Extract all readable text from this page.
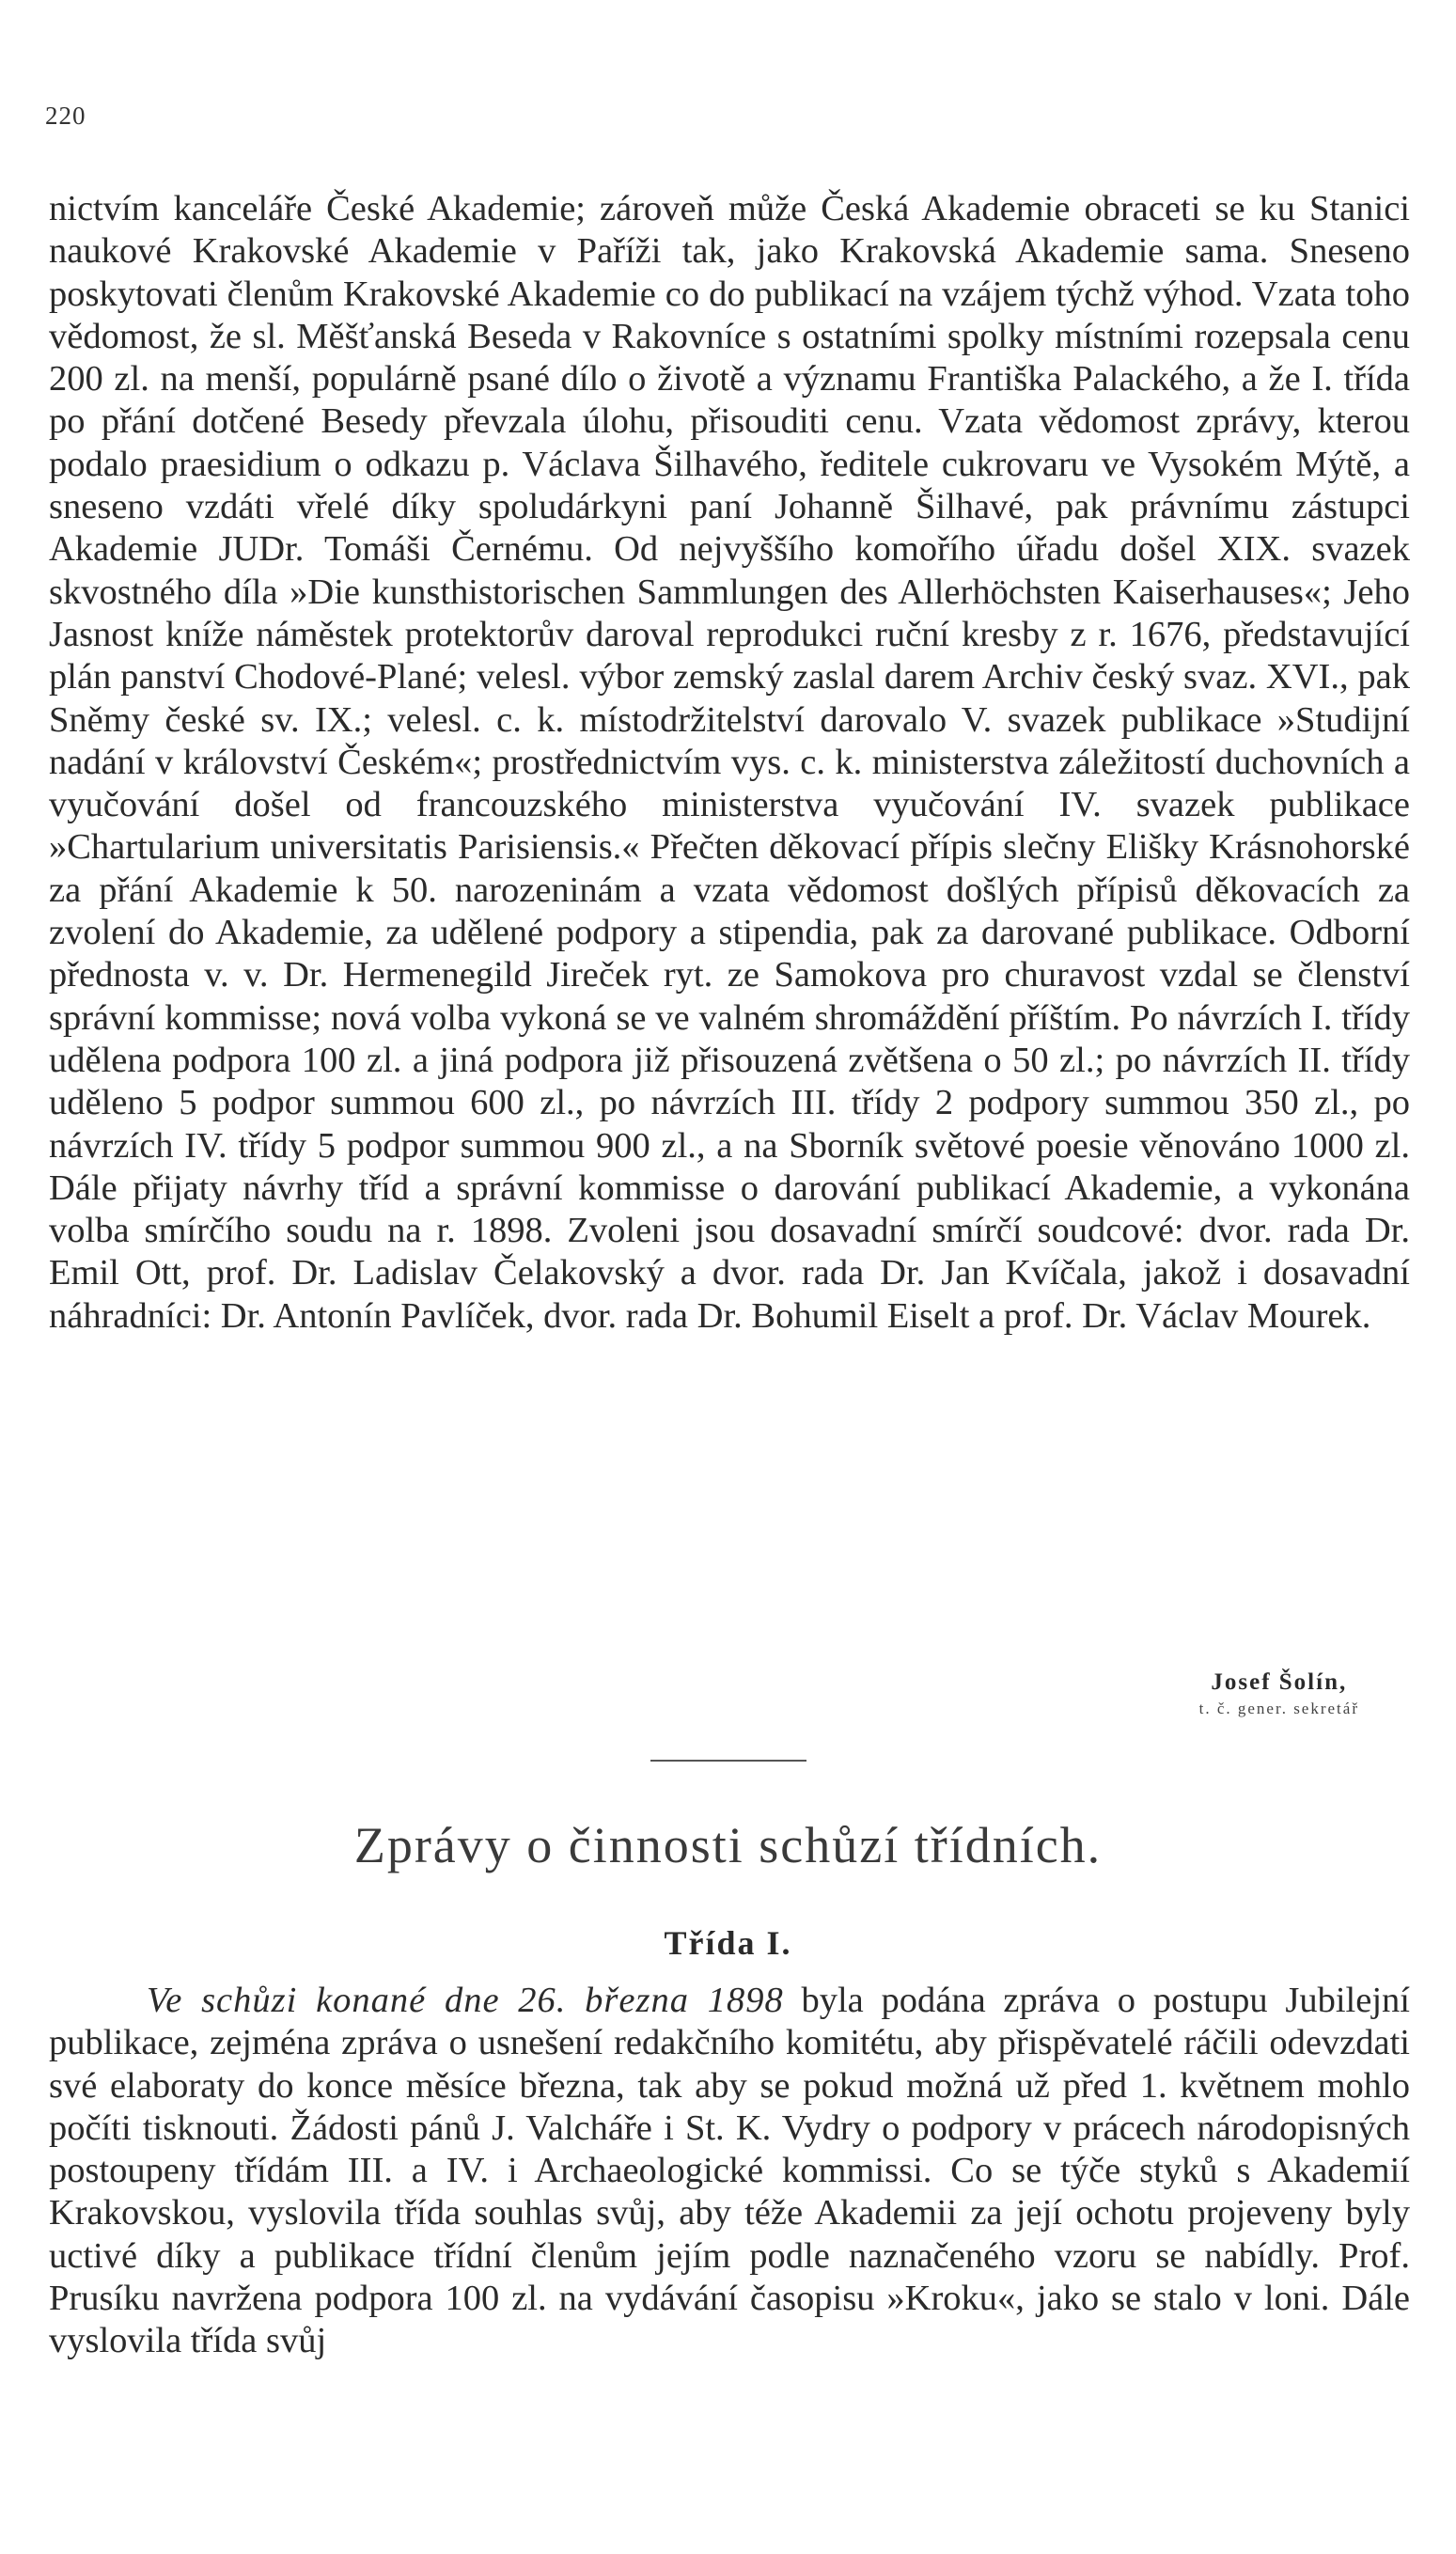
220

nictvím kanceláře České Akademie; zároveň může Česká Akademie obraceti se ku Stanici naukové Krakovské Akademie v Paříži tak, jako Krakovská Akademie sama. Sneseno poskytovati členům Krakovské Akademie co do publikací na vzájem týchž výhod. Vzata toho vědomost, že sl. Měšťanská Beseda v Rakovníce s ostatními spolky místními rozepsala cenu 200 zl. na menší, populárně psané dílo o životě a významu Františka Palackého, a že I. třída po přání dotčené Besedy převzala úlohu, přisouditi cenu. Vzata vědomost zprávy, kterou podalo praesidium o odkazu p. Václava Šilhavého, ředitele cukrovaru ve Vysokém Mýtě, a sneseno vzdáti vřelé díky spoludárkyni paní Johanně Šilhavé, pak právnímu zástupci Akademie JUDr. Tomáši Černému. Od nejvyššího komořího úřadu došel XIX. svazek skvostného díla »Die kunsthistorischen Sammlungen des Allerhöchsten Kaiserhauses«; Jeho Jasnost kníže náměstek protektorův daroval reprodukci ruční kresby z r. 1676, představující plán panství Chodové-Plané; velesl. výbor zemský zaslal darem Archiv český svaz. XVI., pak Sněmy české sv. IX.; velesl. c. k. místodržitelství darovalo V. svazek publikace »Studijní nadání v království Českém«; prostřednictvím vys. c. k. ministerstva záležitostí duchovních a vyučování došel od francouzského ministerstva vyučování IV. svazek publikace »Chartularium universitatis Parisiensis.« Přečten děkovací přípis slečny Elišky Krásnohorské za přání Akademie k 50. narozeninám a vzata vědomost došlých přípisů děkovacích za zvolení do Akademie, za udělené podpory a stipendia, pak za darované publikace. Odborní přednosta v. v. Dr. Hermenegild Jireček ryt. ze Samokova pro churavost vzdal se členství správní kommisse; nová volba vykoná se ve valném shromáždění příštím. Po návrzích I. třídy udělena podpora 100 zl. a jiná podpora již přisouzená zvětšena o 50 zl.; po návrzích II. třídy uděleno 5 podpor summou 600 zl., po návrzích III. třídy 2 podpory summou 350 zl., po návrzích IV. třídy 5 podpor summou 900 zl., a na Sborník světové poesie věnováno 1000 zl. Dále přijaty návrhy tříd a správní kommisse o darování publikací Akademie, a vykonána volba smírčího soudu na r. 1898. Zvoleni jsou dosavadní smírčí soudcové: dvor. rada Dr. Emil Ott, prof. Dr. Ladislav Čelakovský a dvor. rada Dr. Jan Kvíčala, jakož i dosavadní náhradníci: Dr. Antonín Pavlíček, dvor. rada Dr. Bohumil Eiselt a prof. Dr. Václav Mourek.

Josef Šolín,
t. č. gener. sekretář
Zprávy o činnosti schůzí třídních.
Třída I.

Ve schůzi konané dne 26. března 1898 byla podána zpráva o postupu Jubilejní publikace, zejména zpráva o usnešení redakčního komitétu, aby přispěvatelé ráčili odevzdati své elaboraty do konce měsíce března, tak aby se pokud možná už před 1. květnem mohlo počíti tisknouti. Žádosti pánů J. Valcháře i St. K. Vydry o podpory v prácech národopisných postoupeny třídám III. a IV. i Archaeologické kommissi. Co se týče styků s Akademií Krakovskou, vyslovila třída souhlas svůj, aby téže Akademii za její ochotu projeveny byly uctivé díky a publikace třídní členům jejím podle naznačeného vzoru se nabídly. Prof. Prusíku navržena podpora 100 zl. na vydávání časopisu »Kroku«, jako se stalo v loni. Dále vyslovila třída svůj
